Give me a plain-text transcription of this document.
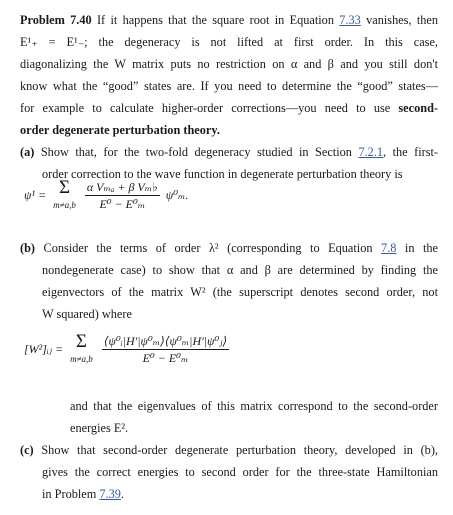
Problem 7.40 If it happens that the square root in Equation 7.33 vanishes, then

E¹₊ = E¹₋; the degeneracy is not lifted at first order. In this case,

diagonalizing the W matrix puts no restriction on α and β and you still don't

know what the “good” states are. If you need to determine the “good” states—

for example to calculate higher-order corrections—you need to use second-

order degenerate perturbation theory.

(a) Show that, for the two-fold degeneracy studied in Section 7.2.1, the first-

order correction to the wave function in degenerate perturbation theory is

ψ¹ = Σ
m≠a,b
$\frac{\text{α Vₘₐ + β Vₘ♭}}{\text{E⁰ − E⁰ₘ}} \psi^0_m$.

(b) Consider the terms of order λ² (corresponding to Equation 7.8 in the

nondegenerate case) to show that α and β are determined by finding the

eigenvectors of the matrix W² (the superscript denotes second order, not

W squared) where

[W²]ᵢⱼ = Σ
m≠a,b
$\frac{\text{⟨ψ⁰ᵢ|H′|ψ⁰ₘ⟩⟨ψ⁰ₘ|H′|ψ⁰ⱼ⟩}}{\text{E⁰ − E⁰ₘ}}$

and that the eigenvalues of this matrix correspond to the second-order

energies E².

(c) Show that second-order degenerate perturbation theory, developed in (b),

gives the correct energies to second order for the three-state Hamiltonian

in Problem 7.39.
